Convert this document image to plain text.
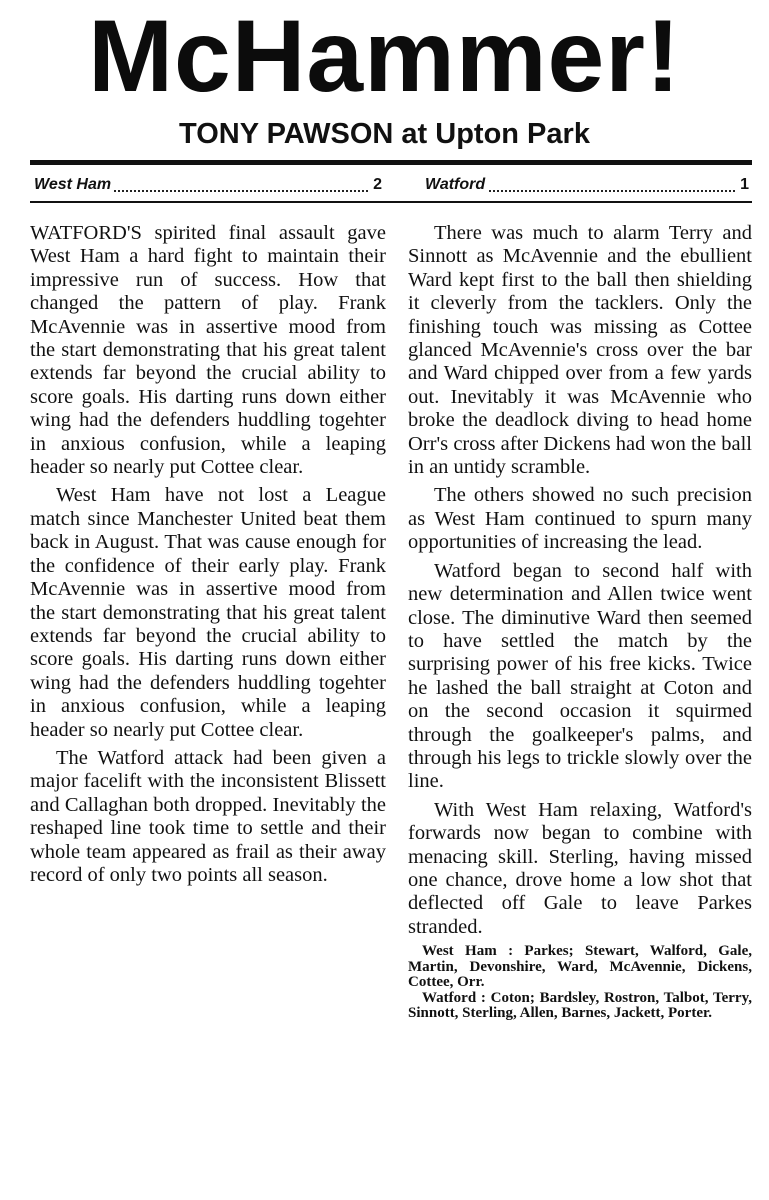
McHammer!
TONY PAWSON at Upton Park
West Ham	2	Watford	1

WATFORD'S spirited final assault gave West Ham a hard fight to maintain their impressive run of success. How that changed the pattern of play. Frank McAvennie was in assertive mood from the start demonstrating that his great talent extends far beyond the crucial ability to score goals. His darting runs down either wing had the defenders huddling togehter in anxious confusion, while a leaping header so nearly put Cottee clear.

West Ham have not lost a League match since Manchester United beat them back in August. That was cause enough for the confidence of their early play. Frank McAvennie was in assertive mood from the start demonstrating that his great talent extends far beyond the crucial ability to score goals. His darting runs down either wing had the defenders huddling togehter in anxious confusion, while a leaping header so nearly put Cottee clear.

The Watford attack had been given a major facelift with the inconsistent Blissett and Callaghan both dropped. Inevitably the reshaped line took time to settle and their whole team appeared as frail as their away record of only two points all season.

There was much to alarm Terry and Sinnott as McAvennie and the ebullient Ward kept first to the ball then shielding it cleverly from the tacklers. Only the finishing touch was missing as Cottee glanced McAvennie's cross over the bar and Ward chipped over from a few yards out. Inevitably it was McAvennie who broke the deadlock diving to head home Orr's cross after Dickens had won the ball in an untidy scramble.

The others showed no such precision as West Ham continued to spurn many opportunities of increasing the lead.

Watford began to second half with new determination and Allen twice went close. The diminutive Ward then seemed to have settled the match by the surprising power of his free kicks. Twice he lashed the ball straight at Coton and on the second occasion it squirmed through the goalkeeper's palms, and through his legs to trickle slowly over the line.

With West Ham relaxing, Watford's forwards now began to combine with menacing skill. Sterling, having missed one chance, drove home a low shot that deflected off Gale to leave Parkes stranded.

West Ham : Parkes; Stewart, Walford, Gale, Martin, Devonshire, Ward, McAvennie, Dickens, Cottee, Orr.

Watford : Coton; Bardsley, Rostron, Talbot, Terry, Sinnott, Sterling, Allen, Barnes, Jackett, Porter.
